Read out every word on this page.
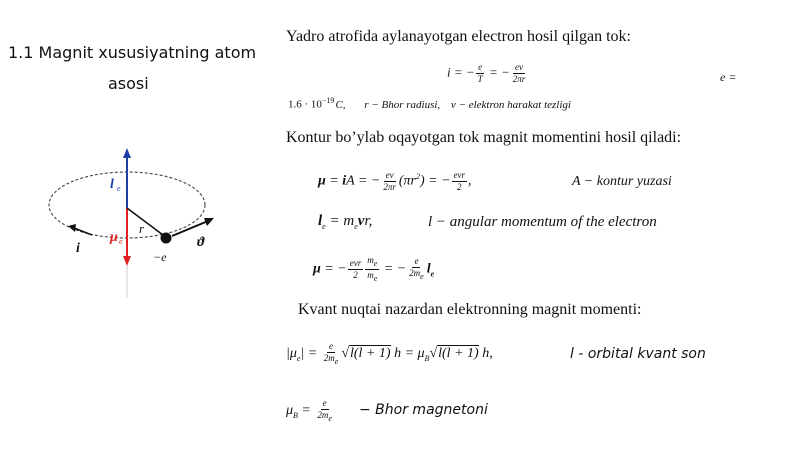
1.1 Magnit xususiyatning atom
asosi
l e
μ e
r
i
−e
ϑ
Yadro atrofida aylanayotgan electron hosil qilgan tok:
i = − $\frac{e}{T}$ = − $\frac{ev}{2\pi r}$	e =
$1.6 \cdot 10^{-19}C$, r − Bhor radiusi, v − elektron harakat tezligi
Kontur bo’ylab oqayotgan tok magnit momentini hosil qiladi:
μ = iA = − $\frac{ev}{2\pi r} (\pi r^2)$ = − $\frac{\text{evr}}{2}$ ,	A − kontur yuzasi
$l_e = m_evr$,	l − angular momentum of the electron
μ = − $\frac{\text{evr}}{2} \frac{m_e}{m_e}$ = − $\frac{e}{2m_e} l_e$
Kvant nuqtai nazardan elektronning magnit momenti:
$|\mu_e| = \frac{e}{2m_e} √l(l + 1) h = \mu_B√l(l + 1)$ h,	l - orbital kvant son
$\mu_B = \frac{e}{2m_e}$ − Bhor magnetoni
